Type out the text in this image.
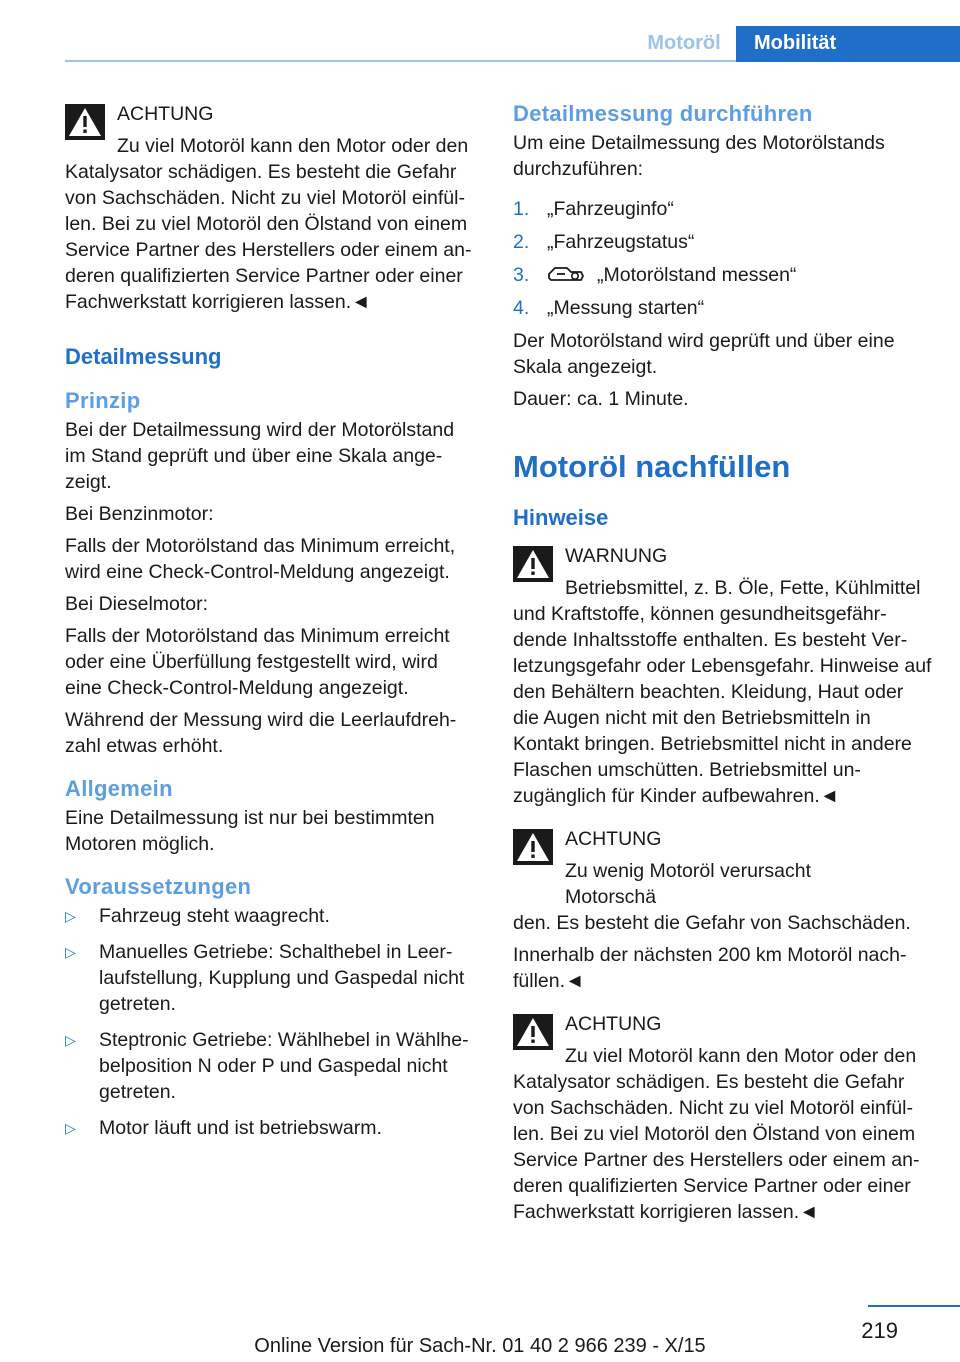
Motoröl	Mobilität
ACHTUNG
Zu viel Motoröl kann den Motor oder den
Katalysator schädigen. Es besteht die Gefahr von Sachschäden. Nicht zu viel Motoröl einfüllen. Bei zu viel Motoröl den Ölstand von einem Service Partner des Herstellers oder einem anderen qualifizierten Service Partner oder einer Fachwerkstatt korrigieren lassen.◄
Detailmessung
Prinzip

Bei der Detailmessung wird der Motorölstand im Stand geprüft und über eine Skala angezeigt.

Bei Benzinmotor:

Falls der Motorölstand das Minimum erreicht, wird eine Check-Control-Meldung angezeigt.

Bei Dieselmotor:

Falls der Motorölstand das Minimum erreicht oder eine Überfüllung festgestellt wird, wird eine Check-Control-Meldung angezeigt.

Während der Messung wird die Leerlaufdrehzahl etwas erhöht.

Allgemein

Eine Detailmessung ist nur bei bestimmten Motoren möglich.

Voraussetzungen
▷	Fahrzeug steht waagrecht.
▷	Manuelles Getriebe: Schalthebel in Leerlaufstellung, Kupplung und Gaspedal nicht getreten.
▷	Steptronic Getriebe: Wählhebel in Wählhebelposition N oder P und Gaspedal nicht getreten.
▷	Motor läuft und ist betriebswarm.
Detailmessung durchführen

Um eine Detailmessung des Motorölstands durchzuführen:

1. „Fahrzeuginfo“
2. „Fahrzeugstatus“
3.	„Motorölstand messen“
4. „Messung starten“

Der Motorölstand wird geprüft und über eine Skala angezeigt.

Dauer: ca. 1 Minute.

Motoröl nachfüllen
Hinweise
WARNUNG
Betriebsmittel, z. B. Öle, Fette, Kühlmittel
und Kraftstoffe, können gesundheitsgefährdende Inhaltsstoffe enthalten. Es besteht Verletzungsgefahr oder Lebensgefahr. Hinweise auf den Behältern beachten. Kleidung, Haut oder die Augen nicht mit den Betriebsmitteln in Kontakt bringen. Betriebsmittel nicht in andere Flaschen umschütten. Betriebsmittel unzugänglich für Kinder aufbewahren.◄
ACHTUNG
Zu wenig Motoröl verursacht Motorschä
den. Es besteht die Gefahr von Sachschäden.

Innerhalb der nächsten 200 km Motoröl nachfüllen.◄

ACHTUNG
Zu viel Motoröl kann den Motor oder den
Katalysator schädigen. Es besteht die Gefahr von Sachschäden. Nicht zu viel Motoröl einfüllen. Bei zu viel Motoröl den Ölstand von einem Service Partner des Herstellers oder einem anderen qualifizierten Service Partner oder einer Fachwerkstatt korrigieren lassen.◄
219
Online Version für Sach-Nr. 01 40 2 966 239 - X/15
